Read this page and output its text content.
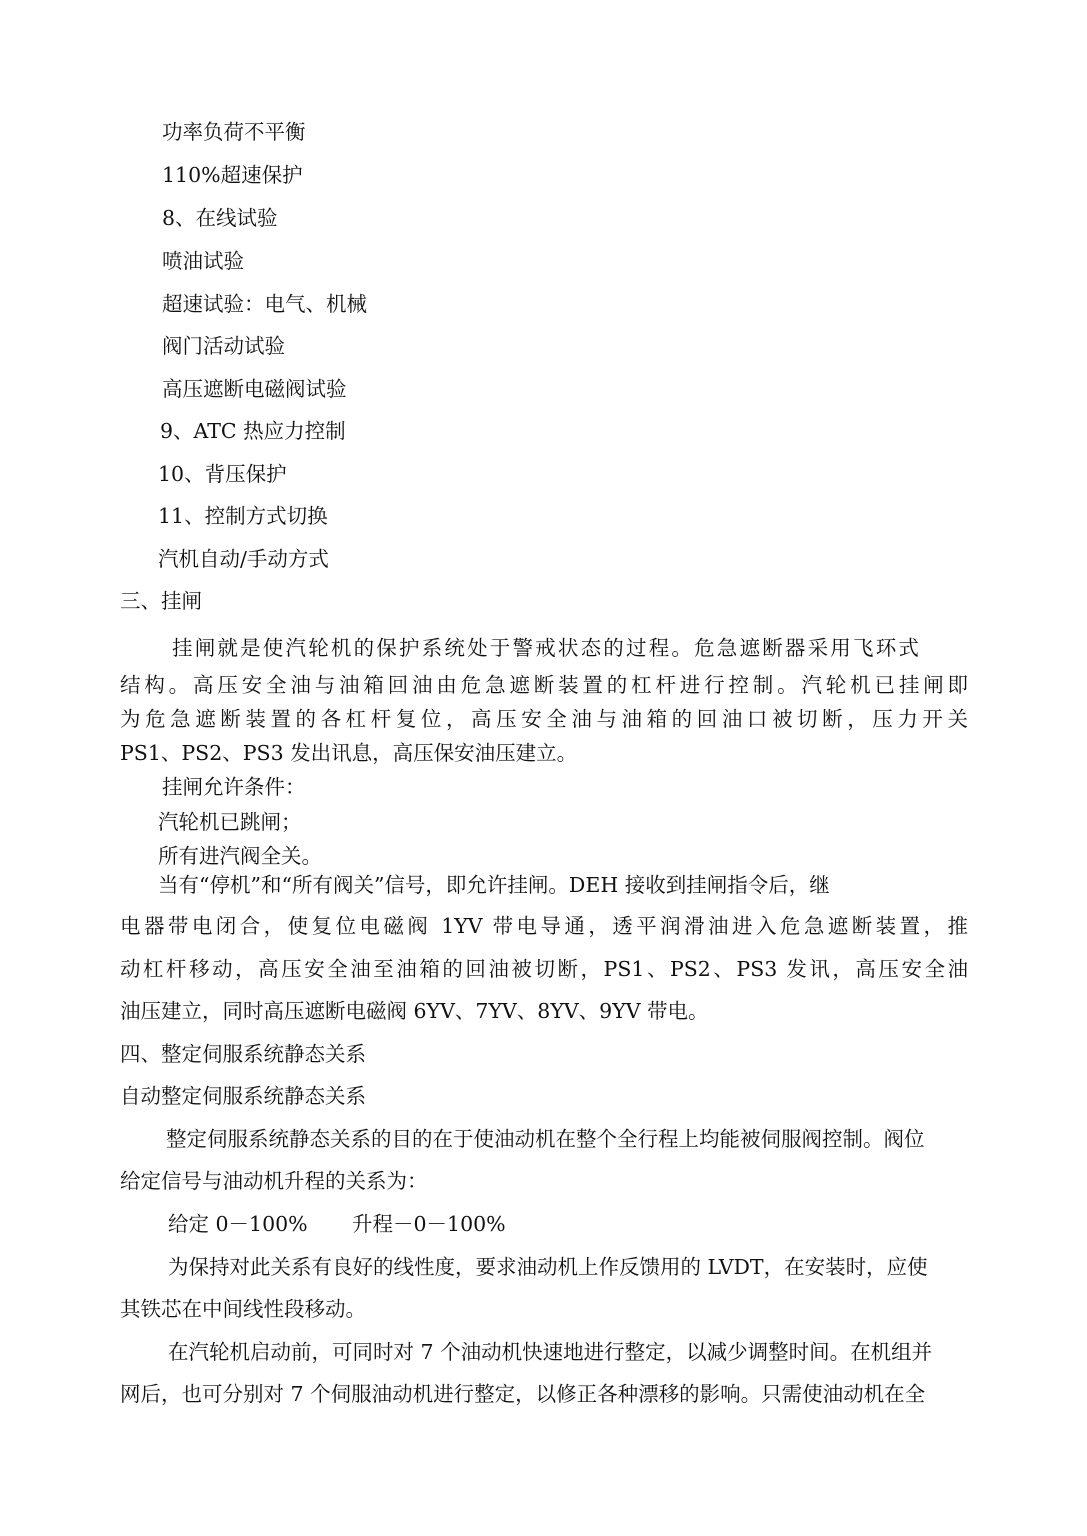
功率负荷不平衡

110%超速保护

8、在线试验

喷油试验

超速试验：电气、机械

阀门活动试验

高压遮断电磁阀试验

9、ATC 热应力控制

10、背压保护

11、控制方式切换

汽机自动/手动方式

三、挂闸

挂闸就是使汽轮机的保护系统处于警戒状态的过程。危急遮断器采用飞环式

结构。高压安全油与油箱回油由危急遮断装置的杠杆进行控制。汽轮机已挂闸即

为危急遮断装置的各杠杆复位，高压安全油与油箱的回油口被切断，压力开关

PS1、PS2、PS3 发出讯息，高压保安油压建立。

挂闸允许条件：

汽轮机已跳闸；

所有进汽阀全关。

当有“停机”和“所有阀关”信号，即允许挂闸。DEH 接收到挂闸指令后，继

电器带电闭合，使复位电磁阀 1YV 带电导通，透平润滑油进入危急遮断装置，推

动杠杆移动，高压安全油至油箱的回油被切断，PS1、PS2、PS3 发讯，高压安全油

油压建立，同时高压遮断电磁阀 6YV、7YV、8YV、9YV 带电。

四、整定伺服系统静态关系

自动整定伺服系统静态关系

整定伺服系统静态关系的目的在于使油动机在整个全行程上均能被伺服阀控制。阀位

给定信号与油动机升程的关系为：

给定 0－100% 升程－0－100%

为保持对此关系有良好的线性度，要求油动机上作反馈用的 LVDT，在安装时，应使

其铁芯在中间线性段移动。

在汽轮机启动前，可同时对 7 个油动机快速地进行整定，以减少调整时间。在机组并

网后，也可分别对 7 个伺服油动机进行整定，以修正各种漂移的影响。只需使油动机在全
